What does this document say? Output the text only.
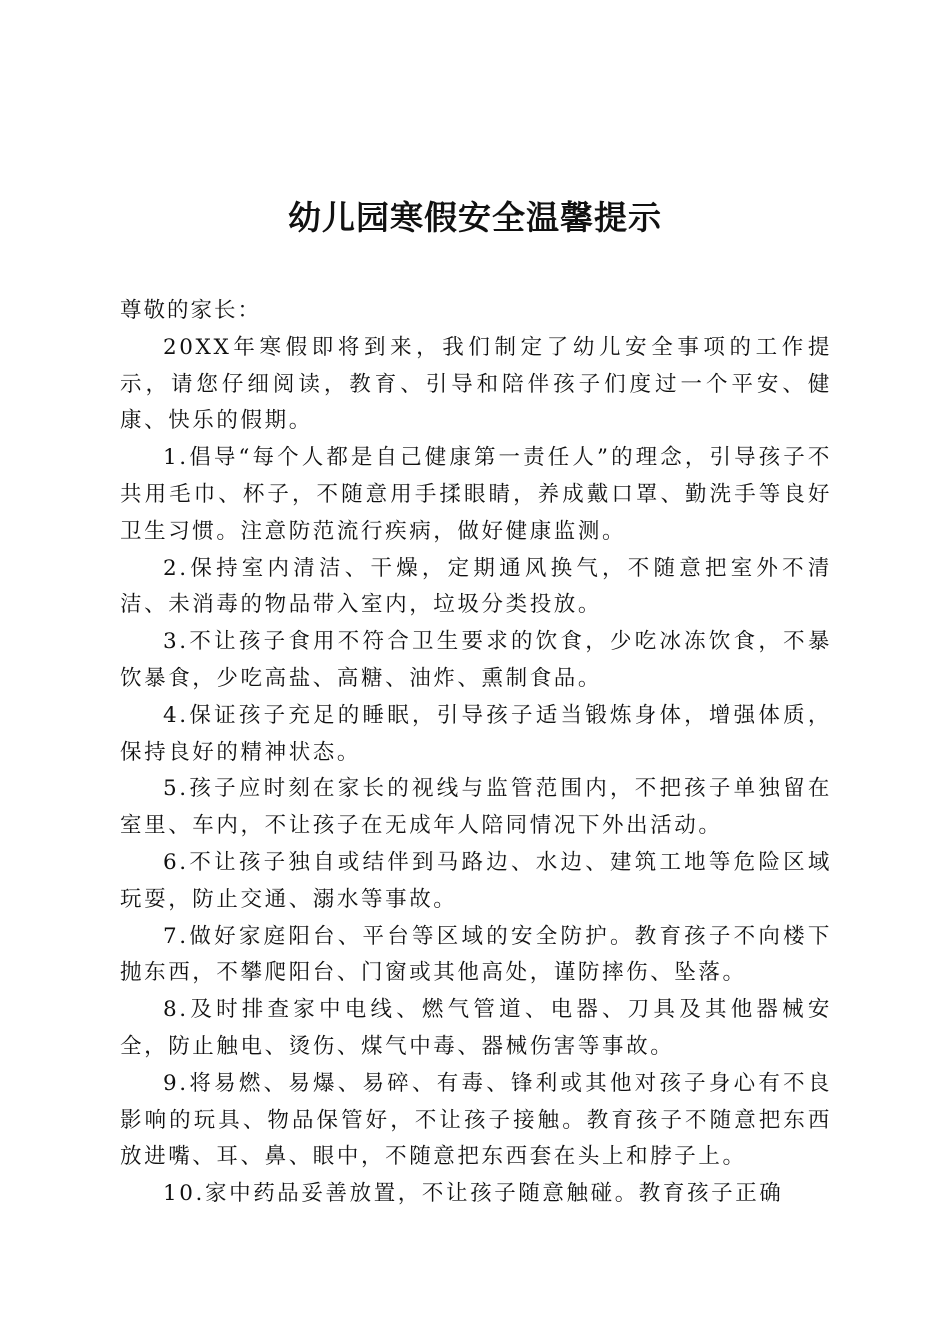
幼儿园寒假安全温馨提示

尊敬的家长：

20XX年寒假即将到来，我们制定了幼儿安全事项的工作提示，请您仔细阅读，教育、引导和陪伴孩子们度过一个平安、健康、快乐的假期。

1.倡导“每个人都是自己健康第一责任人”的理念，引导孩子不共用毛巾、杯子，不随意用手揉眼睛，养成戴口罩、勤洗手等良好卫生习惯。注意防范流行疾病，做好健康监测。

2.保持室内清洁、干燥，定期通风换气，不随意把室外不清洁、未消毒的物品带入室内，垃圾分类投放。

3.不让孩子食用不符合卫生要求的饮食，少吃冰冻饮食，不暴饮暴食，少吃高盐、高糖、油炸、熏制食品。

4.保证孩子充足的睡眠，引导孩子适当锻炼身体，增强体质，保持良好的精神状态。

5.孩子应时刻在家长的视线与监管范围内，不把孩子单独留在室里、车内，不让孩子在无成年人陪同情况下外出活动。

6.不让孩子独自或结伴到马路边、水边、建筑工地等危险区域玩耍，防止交通、溺水等事故。

7.做好家庭阳台、平台等区域的安全防护。教育孩子不向楼下抛东西，不攀爬阳台、门窗或其他高处，谨防摔伤、坠落。

8.及时排查家中电线、燃气管道、电器、刀具及其他器械安全，防止触电、烫伤、煤气中毒、器械伤害等事故。

9.将易燃、易爆、易碎、有毒、锋利或其他对孩子身心有不良影响的玩具、物品保管好，不让孩子接触。教育孩子不随意把东西放进嘴、耳、鼻、眼中，不随意把东西套在头上和脖子上。

10.家中药品妥善放置，不让孩子随意触碰。教育孩子正确
